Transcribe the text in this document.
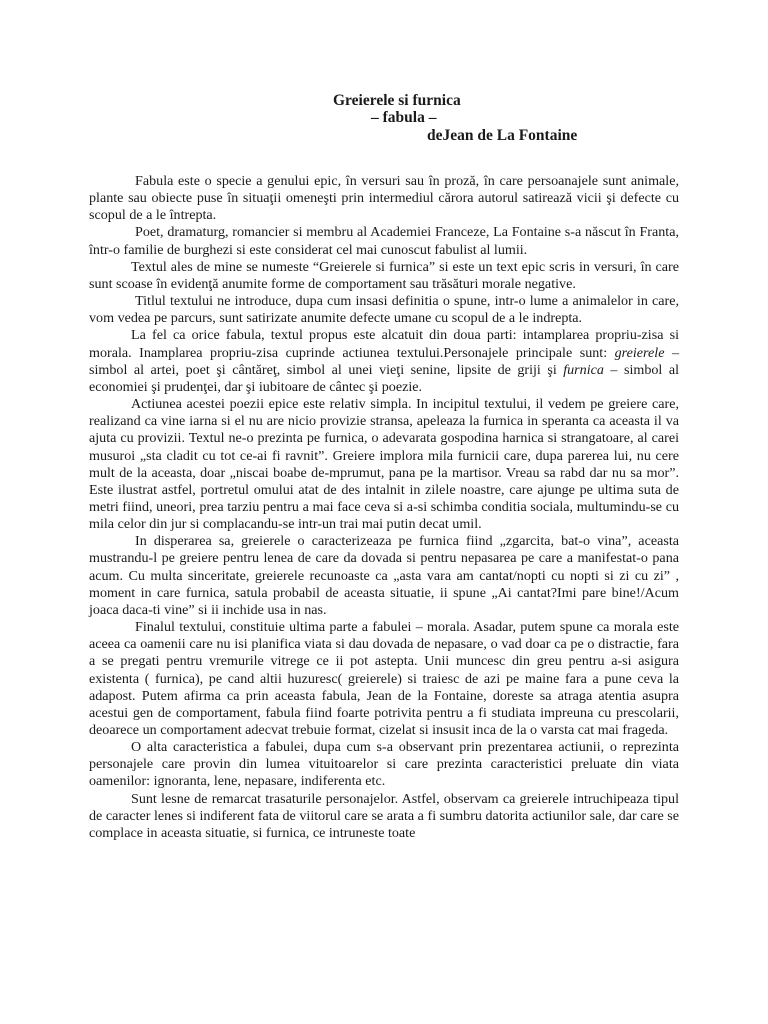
Greierele si furnica
– fabula –
deJean de La Fontaine

Fabula este o specie a genului epic, în versuri sau în proză, în care persoanajele sunt animale, plante sau obiecte puse în situaţii omeneşti prin intermediul cărora autorul satirează vicii şi defecte cu scopul de a le întrepta.

Poet, dramaturg, romancier si membru al Academiei Franceze, La Fontaine s-a născut în Franta, într-o familie de burghezi si este considerat cel mai cunoscut fabulist al lumii.

Textul ales de mine se numeste “Greierele si furnica” si este un text epic scris in versuri, în care sunt scoase în evidenţă anumite forme de comportament sau trăsături morale negative.

Titlul textului ne introduce, dupa cum insasi definitia o spune, intr-o lume a animalelor in care, vom vedea pe parcurs, sunt satirizate anumite defecte umane cu scopul de a le indrepta.

La fel ca orice fabula, textul propus este alcatuit din doua parti: intamplarea propriu-zisa si morala. Inamplarea propriu-zisa cuprinde actiunea textului.Personajele principale sunt: greierele – simbol al artei, poet şi cântăreţ, simbol al unei vieţi senine, lipsite de griji şi furnica – simbol al economiei şi prudenţei, dar şi iubitoare de cântec şi poezie.

Actiunea acestei poezii epice este relativ simpla. In incipitul textului, il vedem pe greiere care, realizand ca vine iarna si el nu are nicio provizie stransa, apeleaza la furnica in speranta ca aceasta il va ajuta cu provizii. Textul ne-o prezinta pe furnica, o adevarata gospodina harnica si strangatoare, al carei musuroi „sta cladit cu tot ce-ai fi ravnit”. Greiere implora mila furnicii care, dupa parerea lui, nu cere mult de la aceasta, doar „niscai boabe de-mprumut, pana pe la martisor. Vreau sa rabd dar nu sa mor”. Este ilustrat astfel, portretul omului atat de des intalnit in zilele noastre, care ajunge pe ultima suta de metri fiind, uneori, prea tarziu pentru a mai face ceva si a-si schimba conditia sociala, multumindu-se cu mila celor din jur si complacandu-se intr-un trai mai putin decat umil.

In disperarea sa, greierele o caracterizeaza pe furnica fiind „zgarcita, bat-o vina”, aceasta mustrandu-l pe greiere pentru lenea de care da dovada si pentru nepasarea pe care a manifestat-o pana acum. Cu multa sinceritate, greierele recunoaste ca „asta vara am cantat/nopti cu nopti si zi cu zi” , moment in care furnica, satula probabil de aceasta situatie, ii spune „Ai cantat?Imi pare bine!/Acum joaca daca-ti vine” si ii inchide usa in nas.

Finalul textului, constituie ultima parte a fabulei – morala. Asadar, putem spune ca morala este aceea ca oamenii care nu isi planifica viata si dau dovada de nepasare, o vad doar ca pe o distractie, fara a se pregati pentru vremurile vitrege ce ii pot astepta. Unii muncesc din greu pentru a-si asigura existenta ( furnica), pe cand altii huzuresc( greierele) si traiesc de azi pe maine fara a pune ceva la adapost. Putem afirma ca prin aceasta fabula, Jean de la Fontaine, doreste sa atraga atentia asupra acestui gen de comportament, fabula fiind foarte potrivita pentru a fi studiata impreuna cu prescolarii, deoarece un comportament adecvat trebuie format, cizelat si insusit inca de la o varsta cat mai frageda.

O alta caracteristica a fabulei, dupa cum s-a observant prin prezentarea actiunii, o reprezinta personajele care provin din lumea vituitoarelor si care prezinta caracteristici preluate din viata oamenilor: ignoranta, lene, nepasare, indiferenta etc.

Sunt lesne de remarcat trasaturile personajelor. Astfel, observam ca greierele intruchipeaza tipul de caracter lenes si indiferent fata de viitorul care se arata a fi sumbru datorita actiunilor sale, dar care se complace in aceasta situatie, si furnica, ce intruneste toate
